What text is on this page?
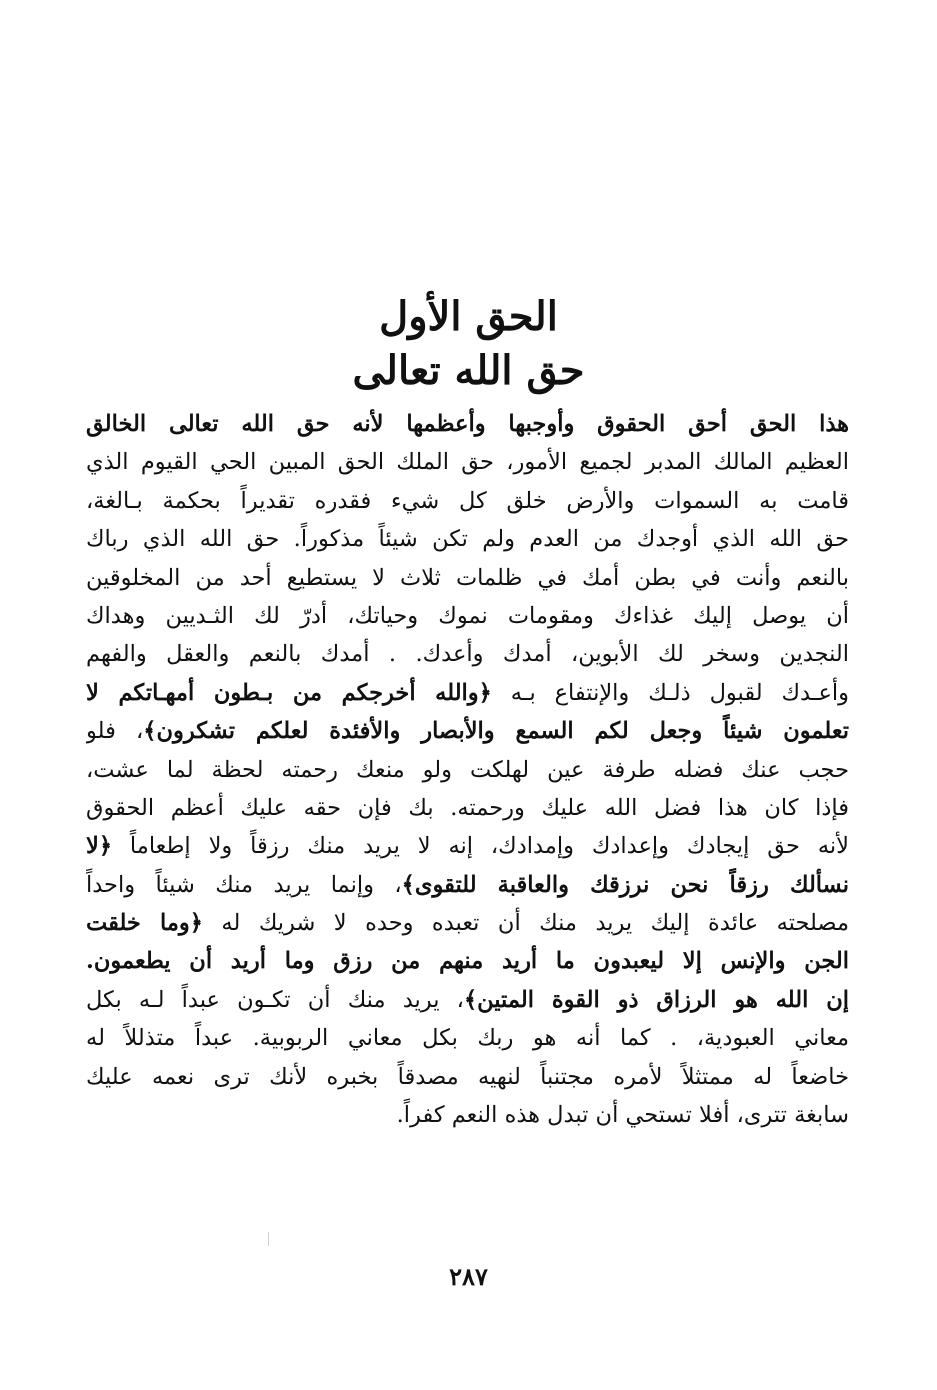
الحق الأول
حق الله تعالى
هذا الحق أحق الحقوق وأوجبها وأعظمها لأنه حق الله تعالى الخالق
العظيم المالك المدبر لجميع الأمور، حق الملك الحق المبين الحي القيوم الذي
قامت به السموات والأرض خلق كل شيء فقدره تقديراً بحكمة بـالغة،
حق الله الذي أوجدك من العدم ولم تكن شيئاً مذكوراً. حق الله الذي رباك
بالنعم وأنت في بطن أمك في ظلمات ثلاث لا يستطيع أحد من المخلوقين
أن يوصل إليك غذاءك ومقومات نموك وحياتك، أدرّ لك الثـديين وهداك
النجدين وسخر لك الأبوين، أمدك وأعدك. . أمدك بالنعم والعقل والفهم
وأعـدك لقبول ذلـك والإنتفاع بـه ﴿والله أخرجكم من بـطون أمهـاتكم لا
تعلمون شيئاً وجعل لكم السمع والأبصار والأفئدة لعلكم تشكرون﴾، فلو
حجب عنك فضله طرفة عين لهلكت ولو منعك رحمته لحظة لما عشت،
فإذا كان هذا فضل الله عليك ورحمته. بك فإن حقه عليك أعظم الحقوق
لأنه حق إيجادك وإعدادك وإمدادك، إنه لا يريد منك رزقاً ولا إطعاماً ﴿لا
نسألك رزقاً نحن نرزقك والعاقبة للتقوى﴾، وإنما يريد منك شيئاً واحداً
مصلحته عائدة إليك يريد منك أن تعبده وحده لا شريك له ﴿وما خلقت
الجن والإنس إلا ليعبدون ما أريد منهم من رزق وما أريد أن يطعمون.
إن الله هو الرزاق ذو القوة المتين﴾، يريد منك أن تكـون عبداً لـه بكل
معاني العبودية، . كما أنه هو ربك بكل معاني الربوبية. عبداً متذللاً له
خاضعاً له ممتثلاً لأمره مجتنباً لنهيه مصدقاً بخبره لأنك ترى نعمه عليك
سابغة تترى، أفلا تستحي أن تبدل هذه النعم كفراً.
٢٨٧
